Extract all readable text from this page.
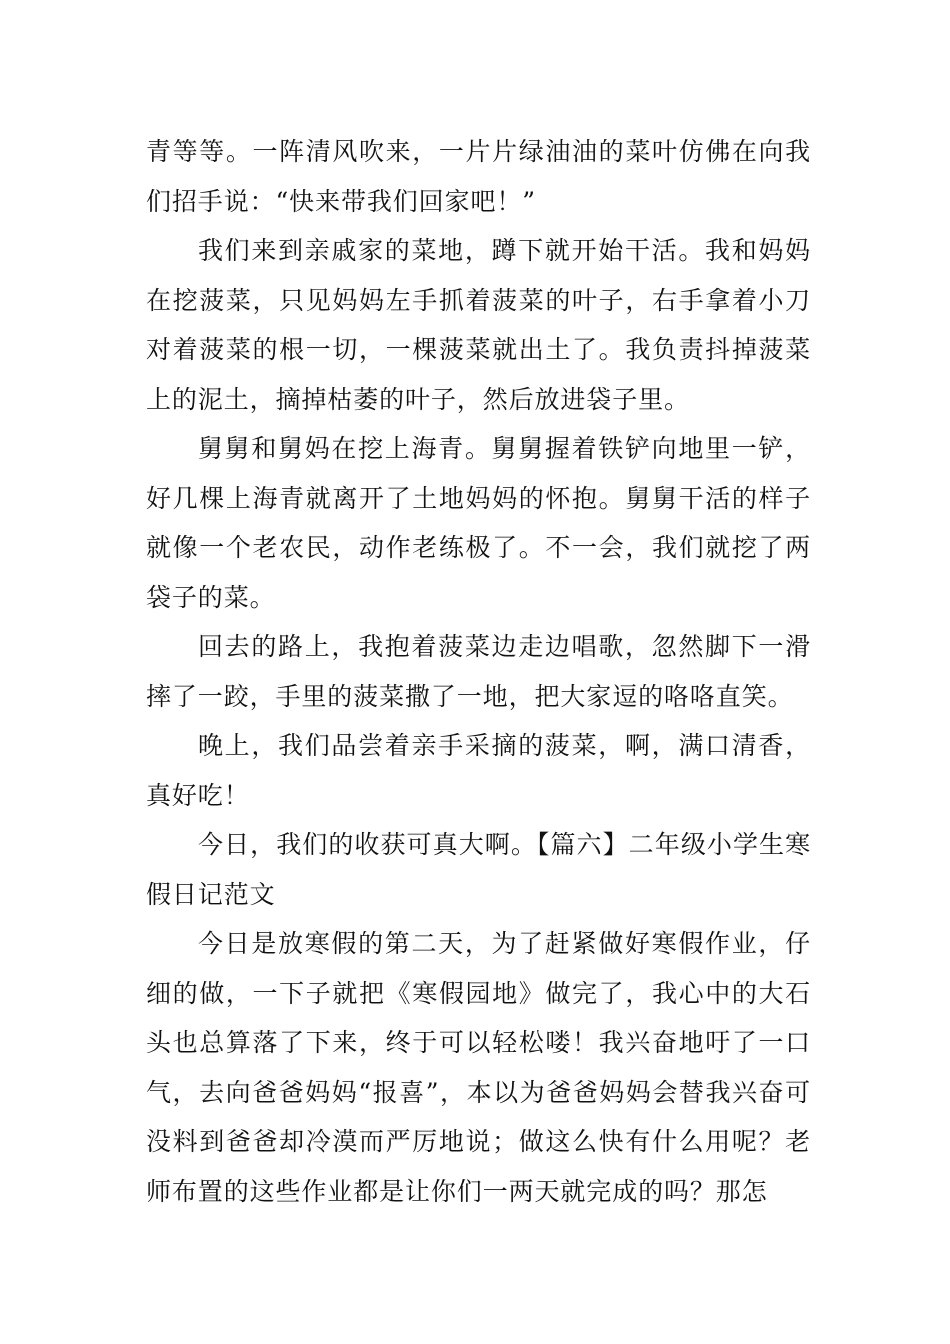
青等等。一阵清风吹来，一片片绿油油的菜叶仿佛在向我们招手说：“快来带我们回家吧！”

我们来到亲戚家的菜地，蹲下就开始干活。我和妈妈在挖菠菜，只见妈妈左手抓着菠菜的叶子，右手拿着小刀对着菠菜的根一切，一棵菠菜就出土了。我负责抖掉菠菜上的泥土，摘掉枯萎的叶子，然后放进袋子里。

舅舅和舅妈在挖上海青。舅舅握着铁铲向地里一铲，好几棵上海青就离开了土地妈妈的怀抱。舅舅干活的样子就像一个老农民，动作老练极了。不一会，我们就挖了两袋子的菜。

回去的路上，我抱着菠菜边走边唱歌，忽然脚下一滑摔了一跤，手里的菠菜撒了一地，把大家逗的咯咯直笑。

晚上，我们品尝着亲手采摘的菠菜，啊，满口清香，真好吃！

今日，我们的收获可真大啊。【篇六】二年级小学生寒假日记范文

今日是放寒假的第二天，为了赶紧做好寒假作业，仔细的做，一下子就把《寒假园地》做完了，我心中的大石头也总算落了下来，终于可以轻松喽！我兴奋地吁了一口气，去向爸爸妈妈“报喜”，本以为爸爸妈妈会替我兴奋可没料到爸爸却冷漠而严厉地说；做这么快有什么用呢？老师布置的这些作业都是让你们一两天就完成的吗？那怎
